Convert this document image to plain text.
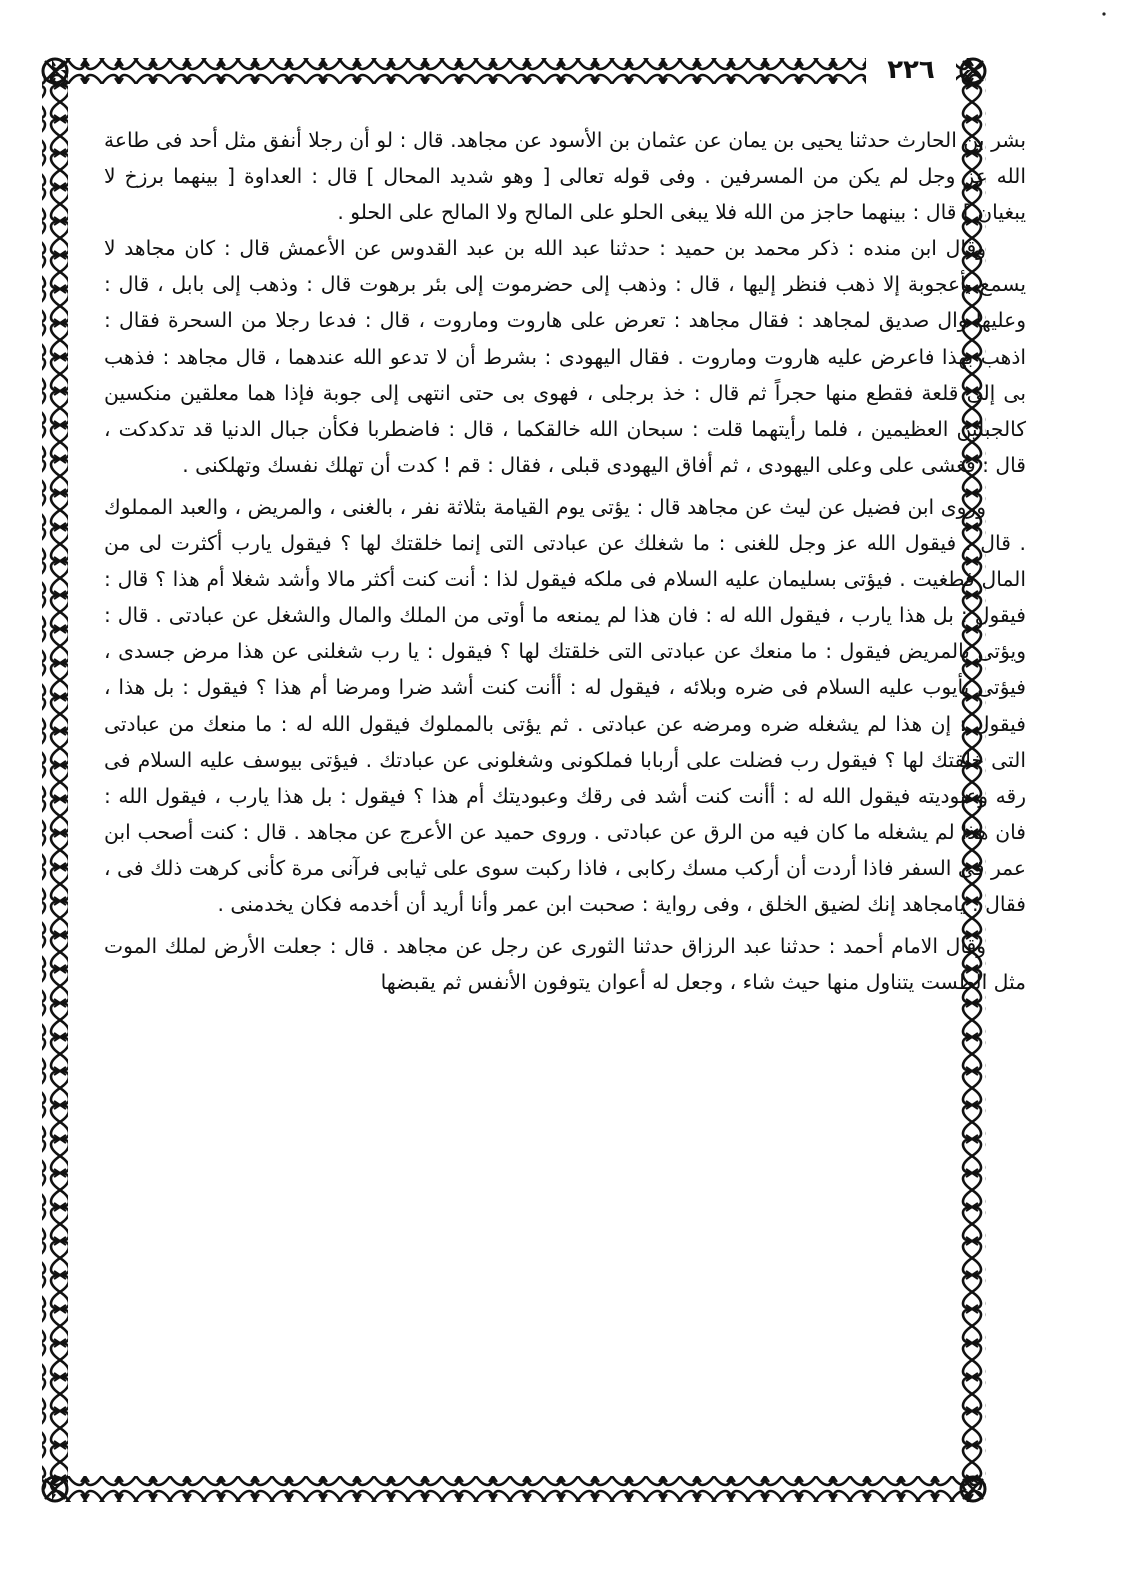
٢٢٦

بشر بن الحارث حدثنا يحيى بن يمان عن عثمان بن الأسود عن مجاهد. قال : لو أن رجلا أنفق مثل أحد فى طاعة الله عز وجل لم يكن من المسرفين . وفى قوله تعالى [ وهو شديد المحال ] قال : العداوة [ بينهما برزخ لا يبغيان ] قال : بينهما حاجز من الله فلا يبغى الحلو على المالح ولا المالح على الحلو .

وقال ابن منده : ذكر محمد بن حميد : حدثنا عبد الله بن عبد القدوس عن الأعمش قال : كان مجاهد لا يسمع بأعجوبة إلا ذهب فنظر إليها ، قال : وذهب إلى حضرموت إلى بئر برهوت قال : وذهب إلى بابل ، قال : وعليها وال صديق لمجاهد : فقال مجاهد : تعرض على هاروت وماروت ، قال : فدعا رجلا من السحرة فقال : اذهب بهذا فاعرض عليه هاروت وماروت . فقال اليهودى : بشرط أن لا تدعو الله عندهما ، قال مجاهد : فذهب بى إلى قلعة فقطع منها حجراً ثم قال : خذ برجلى ، فهوى بى حتى انتهى إلى جوبة فإذا هما معلقين منكسين كالجبلين العظيمين ، فلما رأيتهما قلت : سبحان الله خالقكما ، قال : فاضطربا فكأن جبال الدنيا قد تدكدكت ، قال : فغشى على وعلى اليهودى ، ثم أفاق اليهودى قبلى ، فقال : قم ! كدت أن تهلك نفسك وتهلكنى .

وروى ابن فضيل عن ليث عن مجاهد قال : يؤتى يوم القيامة بثلاثة نفر ، بالغنى ، والمريض ، والعبد المملوك . قال : فيقول الله عز وجل للغنى : ما شغلك عن عبادتى التى إنما خلقتك لها ؟ فيقول يارب أكثرت لى من المال فطغيت . فيؤتى بسليمان عليه السلام فى ملكه فيقول لذا : أنت كنت أكثر مالا وأشد شغلا أم هذا ؟ قال : فيقول : بل هذا يارب ، فيقول الله له : فان هذا لم يمنعه ما أوتى من الملك والمال والشغل عن عبادتى . قال : ويؤتى بالمريض فيقول : ما منعك عن عبادتى التى خلقتك لها ؟ فيقول : يا رب شغلنى عن هذا مرض جسدى ، فيؤتى بأيوب عليه السلام فى ضره وبلائه ، فيقول له : أأنت كنت أشد ضرا ومرضا أم هذا ؟ فيقول : بل هذا ، فيقول : إن هذا لم يشغله ضره ومرضه عن عبادتى . ثم يؤتى بالمملوك فيقول الله له : ما منعك من عبادتى التى خلقتك لها ؟ فيقول رب فضلت على أربابا فملكونى وشغلونى عن عبادتك . فيؤتى بيوسف عليه السلام فى رقه وعبوديته فيقول الله له : أأنت كنت أشد فى رقك وعبوديتك أم هذا ؟ فيقول : بل هذا يارب ، فيقول الله : فان هذا لم يشغله ما كان فيه من الرق عن عبادتى . وروى حميد عن الأعرج عن مجاهد . قال : كنت أصحب ابن عمر فى السفر فاذا أردت أن أركب مسك ركابى ، فاذا ركبت سوى على ثيابى فرآنى مرة كأنى كرهت ذلك فى ، فقال : يامجاهد إنك لضيق الخلق ، وفى رواية : صحبت ابن عمر وأنا أريد أن أخدمه فكان يخدمنى .

وقال الامام أحمد : حدثنا عبد الرزاق حدثنا الثورى عن رجل عن مجاهد . قال : جعلت الأرض لملك الموت مثل الطست يتناول منها حيث شاء ، وجعل له أعوان يتوفون الأنفس ثم يقبضها
